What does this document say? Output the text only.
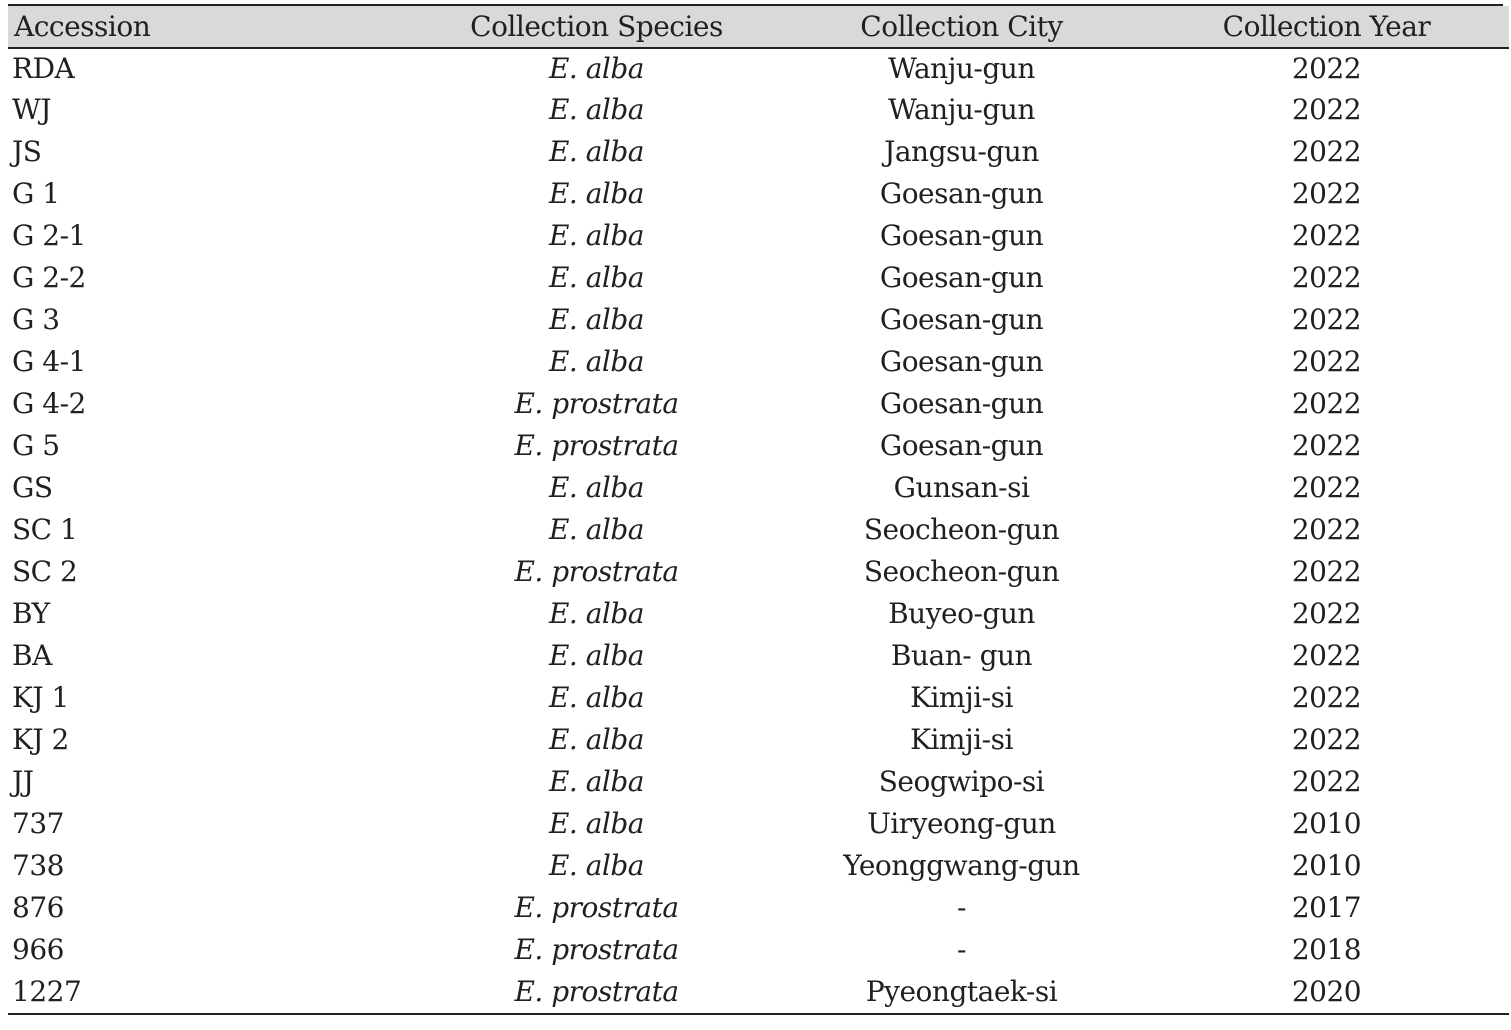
Accession	Collection Species	Collection City	Collection Year
RDA	E. alba	Wanju-gun	2022
WJ	E. alba	Wanju-gun	2022
JS	E. alba	Jangsu-gun	2022
G 1	E. alba	Goesan-gun	2022
G 2-1	E. alba	Goesan-gun	2022
G 2-2	E. alba	Goesan-gun	2022
G 3	E. alba	Goesan-gun	2022
G 4-1	E. alba	Goesan-gun	2022
G 4-2	E. prostrata	Goesan-gun	2022
G 5	E. prostrata	Goesan-gun	2022
GS	E. alba	Gunsan-si	2022
SC 1	E. alba	Seocheon-gun	2022
SC 2	E. prostrata	Seocheon-gun	2022
BY	E. alba	Buyeo-gun	2022
BA	E. alba	Buan- gun	2022
KJ 1	E. alba	Kimji-si	2022
KJ 2	E. alba	Kimji-si	2022
JJ	E. alba	Seogwipo-si	2022
737	E. alba	Uiryeong-gun	2010
738	E. alba	Yeonggwang-gun	2010
876	E. prostrata	-	2017
966	E. prostrata	-	2018
1227	E. prostrata	Pyeongtaek-si	2020
